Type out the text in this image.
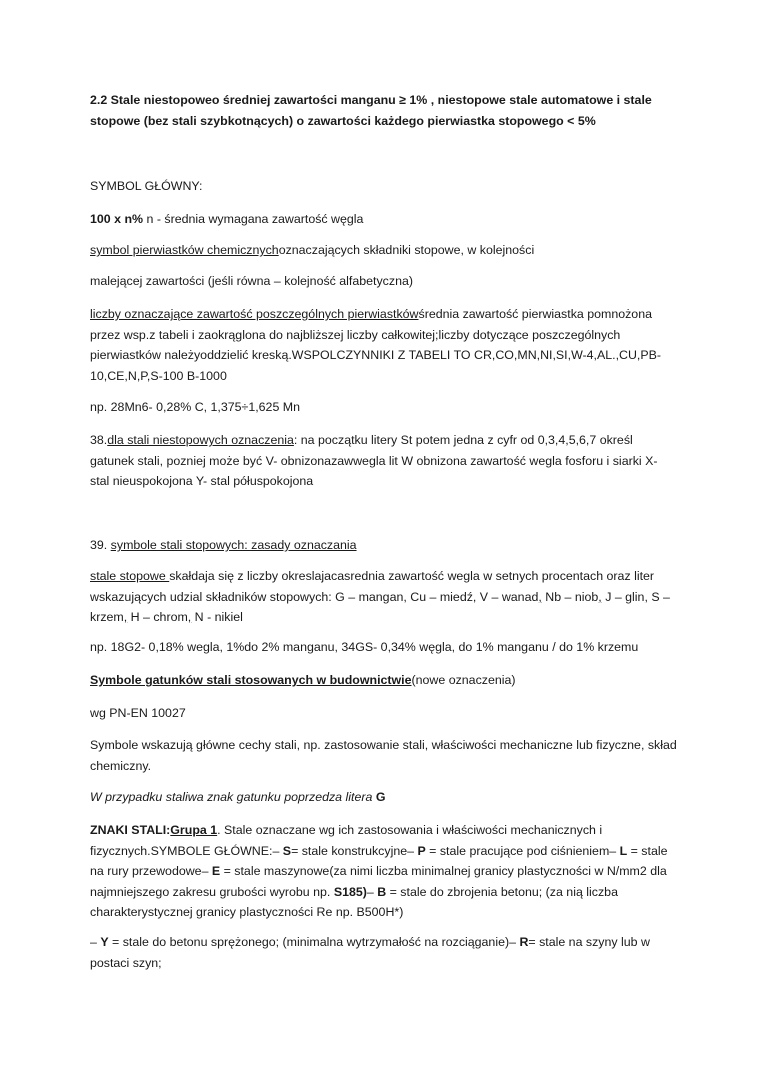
2.2 Stale niestopoweo średniej zawartości manganu ≥ 1% , niestopowe stale automatowe i stale stopowe (bez stali szybkotnących) o zawartości każdego pierwiastka stopowego < 5%

SYMBOL GŁÓWNY:

100 x n% n - średnia wymagana zawartość węgla

symbol pierwiastków chemicznychoznaczających składniki stopowe, w kolejności

malejącej zawartości (jeśli równa – kolejność alfabetyczna)

liczby oznaczające zawartość poszczególnych pierwiastkówśrednia zawartość pierwiastka pomnożona przez wsp.z tabeli i zaokrąglona do najbliższej liczby całkowitej;liczby dotyczące poszczególnych pierwiastków należyoddzielić kreską.WSPOLCZYNNIKI Z TABELI TO CR,CO,MN,NI,SI,W-4,AL.,CU,PB-10,CE,N,P,S-100 B-1000

np. 28Mn6- 0,28% C, 1,375÷1,625 Mn

38.dla stali niestopowych oznaczenia: na początku litery St potem jedna z cyfr od 0,3,4,5,6,7 określ gatunek stali, pozniej może być V- obnizonazawwegla lit W obnizona zawartość wegla fosforu i siarki X- stal nieuspokojona Y- stal półuspokojona

39. symbole stali stopowych: zasady oznaczania

stale stopowe skałdaja się z liczby okreslajacasrednia zawartość wegla w setnych procentach oraz liter wskazujących udzial składników stopowych: G – mangan, Cu – miedź, V – wanad, Nb – niob, J – glin, S – krzem, H – chrom, N - nikiel

np. 18G2- 0,18% wegla, 1%do 2% manganu, 34GS- 0,34% węgla, do 1% manganu / do 1% krzemu

Symbole gatunków stali stosowanych w budownictwie(nowe oznaczenia)

wg PN-EN 10027

Symbole wskazują główne cechy stali, np. zastosowanie stali, właściwości mechaniczne lub fizyczne, skład chemiczny.

W przypadku staliwa znak gatunku poprzedza litera G

ZNAKI STALI:Grupa 1. Stale oznaczane wg ich zastosowania i właściwości mechanicznych i fizycznych.SYMBOLE GŁÓWNE:– S= stale konstrukcyjne– P = stale pracujące pod ciśnieniem– L = stale na rury przewodowe– E = stale maszynowe(za nimi liczba minimalnej granicy plastyczności w N/mm2 dla najmniejszego zakresu grubości wyrobu np. S185)– B = stale do zbrojenia betonu; (za nią liczba charakterystycznej granicy plastyczności Re np. B500H*)

– Y = stale do betonu sprężonego; (minimalna wytrzymałość na rozciąganie)– R= stale na szyny lub w postaci szyn;
